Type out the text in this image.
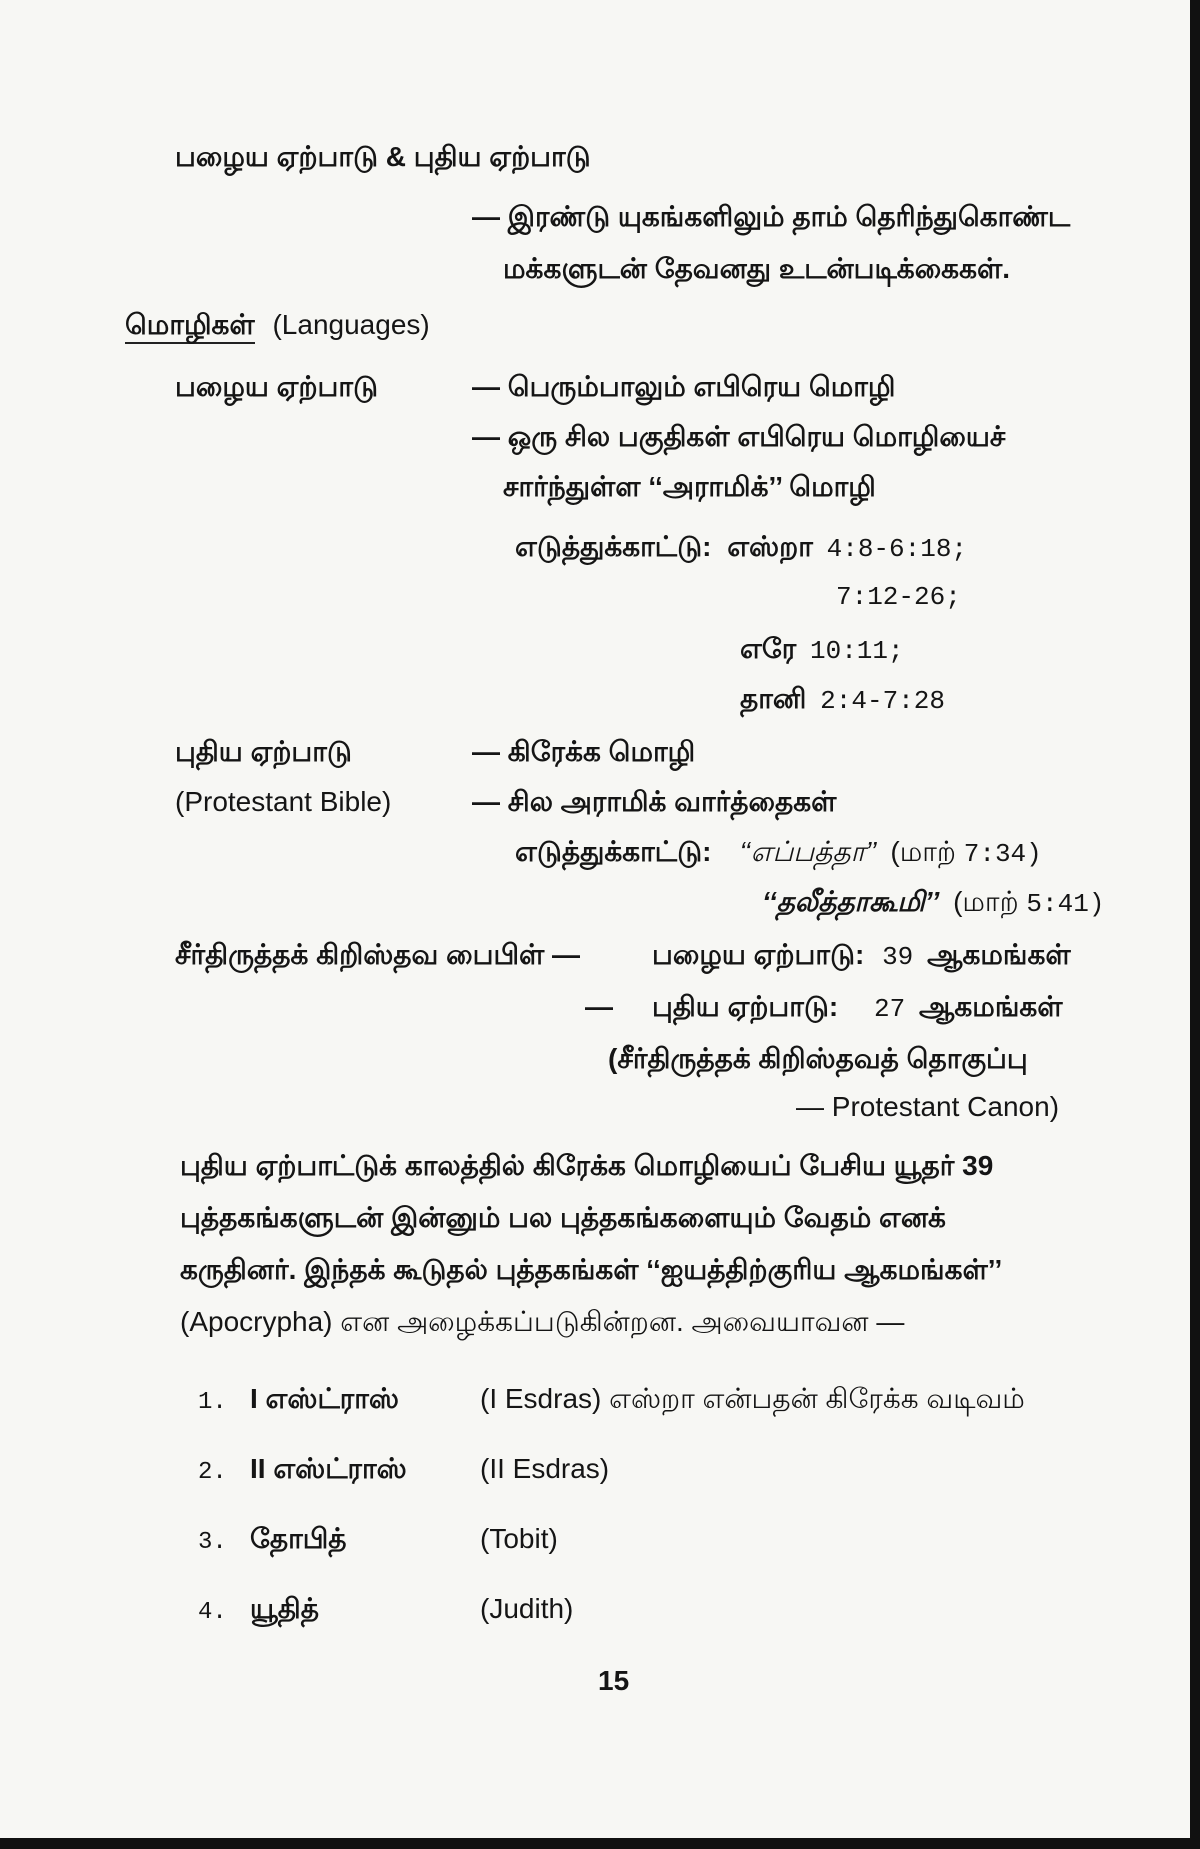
பழைய ஏற்பாடு & புதிய ஏற்பாடு
— இரண்டு யுகங்களிலும் தாம் தெரிந்துகொண்ட
மக்களுடன் தேவனது உடன்படிக்கைகள்.
மொழிகள் (Languages)
பழைய ஏற்பாடு	— பெரும்பாலும் எபிரெய மொழி
— ஒரு சில பகுதிகள் எபிரெய மொழியைச்
சார்ந்துள்ள ‘‘அராமிக்’’ மொழி
எடுத்துக்காட்டு: எஸ்றா 4:8-6:18;
7:12-26;
எரே 10:11;
தானி 2:4-7:28
புதிய ஏற்பாடு
(Protestant Bible)
— கிரேக்க மொழி
— சில அராமிக் வார்த்தைகள்
எடுத்துக்காட்டு: ‘‘எப்பத்தா’’ (மாற் 7:34)
‘‘தலீத்தாகூமி’’ (மாற் 5:41)
சீர்திருத்தக் கிறிஸ்தவ பைபிள் —	பழைய ஏற்பாடு: 39 ஆகமங்கள்
— புதிய ஏற்பாடு: 27 ஆகமங்கள்
(சீர்திருத்தக் கிறிஸ்தவத் தொகுப்பு
— Protestant Canon)
புதிய ஏற்பாட்டுக் காலத்தில் கிரேக்க மொழியைப் பேசிய யூதர் 39
புத்தகங்களுடன் இன்னும் பல புத்தகங்களையும் வேதம் எனக்
கருதினர். இந்தக் கூடுதல் புத்தகங்கள் ‘‘ஐயத்திற்குரிய ஆகமங்கள்’’
(Apocrypha) என அழைக்கப்படுகின்றன. அவையாவன —
1. I எஸ்ட்ராஸ்	(I Esdras) எஸ்றா என்பதன் கிரேக்க வடிவம்
2. II எஸ்ட்ராஸ்	(II Esdras)
3. தோபித்	(Tobit)
4. யூதித்	(Judith)
15
